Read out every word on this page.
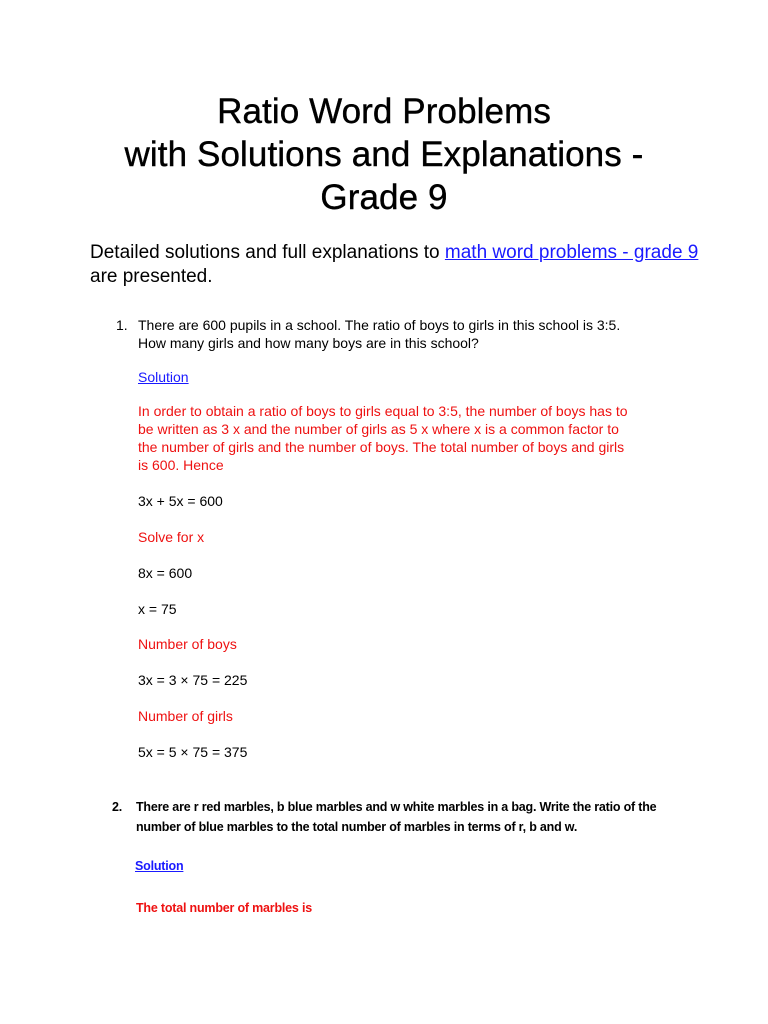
Ratio Word Problems
with Solutions and Explanations -
Grade 9

Detailed solutions and full explanations to math word problems - grade 9 are presented.

1. There are 600 pupils in a school. The ratio of boys to girls in this school is 3:5.
How many girls and how many boys are in this school?
Solution
In order to obtain a ratio of boys to girls equal to 3:5, the number of boys has to
be written as 3 x and the number of girls as 5 x where x is a common factor to
the number of girls and the number of boys. The total number of boys and girls
is 600. Hence
3x + 5x = 600
Solve for x
8x = 600
x = 75
Number of boys
3x = 3 × 75 = 225
Number of girls
5x = 5 × 75 = 375
2. There are r red marbles, b blue marbles and w white marbles in a bag. Write the ratio of the
number of blue marbles to the total number of marbles in terms of r, b and w.
Solution
The total number of marbles is
